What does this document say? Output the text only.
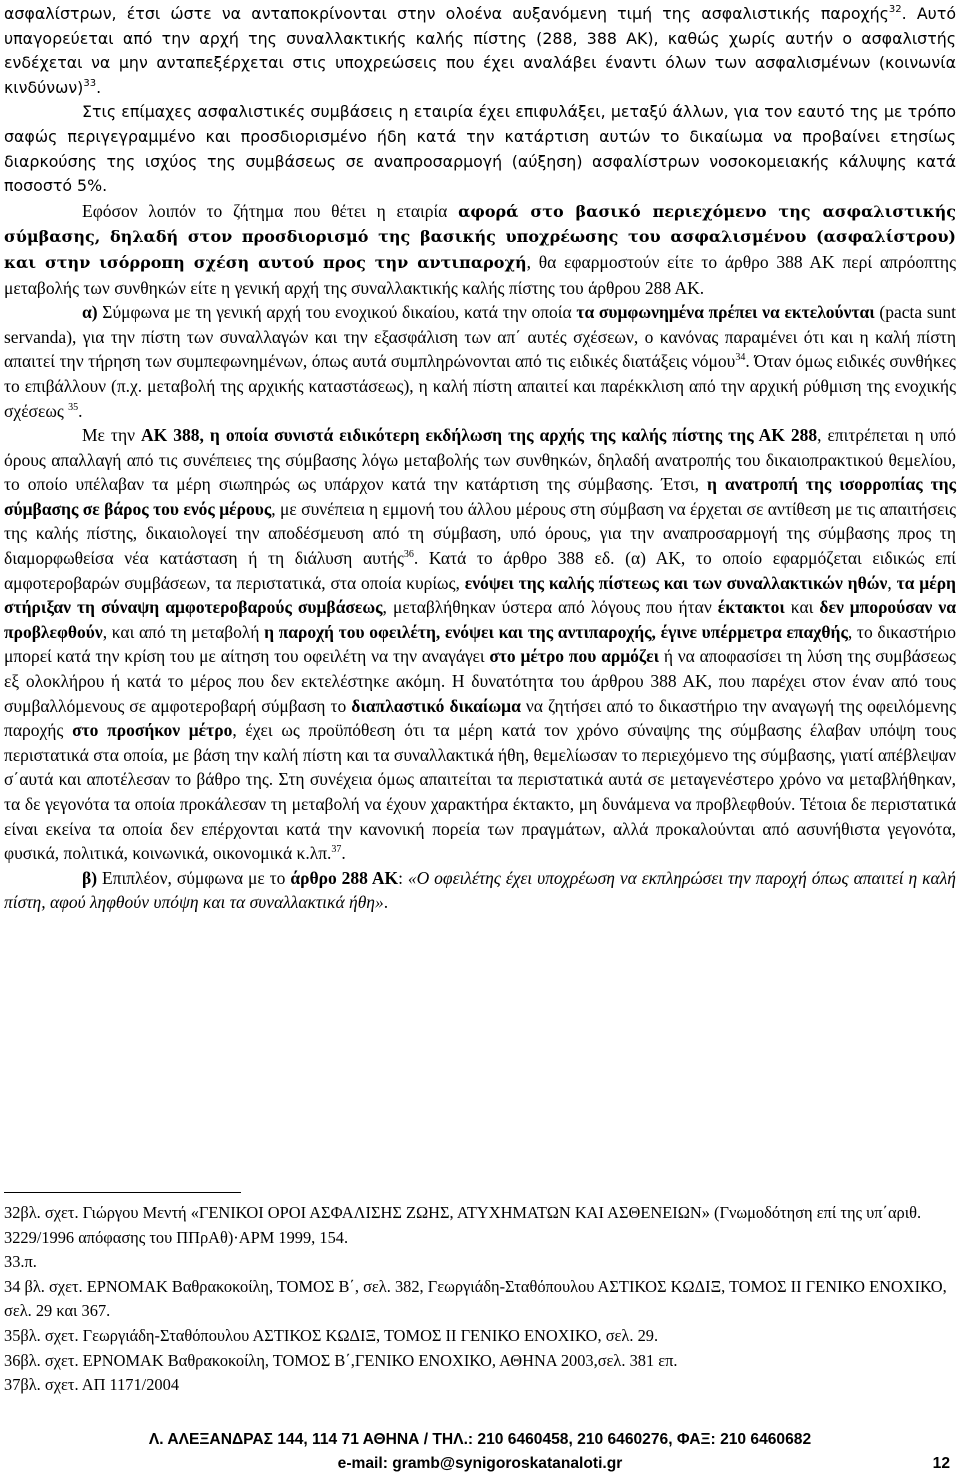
ασφαλίστρων, έτσι ώστε να ανταποκρίνονται στην ολοένα αυξανόμενη τιμή της ασφαλιστικής παροχής$^{32}$. Αυτό υπαγορεύεται από την αρχή της συναλλακτικής καλής πίστης (288, 388 ΑΚ), καθώς χωρίς αυτήν ο ασφαλιστής ενδέχεται να μην ανταπεξέρχεται στις υποχρεώσεις που έχει αναλάβει έναντι όλων των ασφαλισμένων (κοινωνία κινδύνων)$^{33}$.

Στις επίμαχες ασφαλιστικές συμβάσεις η εταιρία έχει επιφυλάξει, μεταξύ άλλων, για τον εαυτό της με τρόπο σαφώς περιγεγραμμένο και προσδιορισμένο ήδη κατά την κατάρτιση αυτών το δικαίωμα να προβαίνει ετησίως διαρκούσης της ισχύος της συμβάσεως σε αναπροσαρμογή (αύξηση) ασφαλίστρων νοσοκομειακής κάλυψης κατά ποσοστό 5%.

Εφόσον λοιπόν το ζήτημα που θέτει η εταιρία αφορά στο βασικό περιεχόμενο της ασφαλιστικής σύμβασης, δηλαδή στον προσδιορισμό της βασικής υποχρέωσης του ασφαλισμένου (ασφαλίστρου) και στην ισόρροπη σχέση αυτού προς την αντιπαροχή, θα εφαρμοστούν είτε το άρθρο 388 ΑΚ περί απρόοπτης μεταβολής των συνθηκών είτε η γενική αρχή της συναλλακτικής καλής πίστης του άρθρου 288 ΑΚ.

α) Σύμφωνα με τη γενική αρχή του ενοχικού δικαίου, κατά την οποία τα συμφωνημένα πρέπει να εκτελούνται (pacta sunt servanda), για την πίστη των συναλλαγών και την εξασφάλιση των απ΄ αυτές σχέσεων, ο κανόνας παραμένει ότι και η καλή πίστη απαιτεί την τήρηση των συμπεφωνημένων, όπως αυτά συμπληρώνονται από τις ειδικές διατάξεις νόμου$^{34}$. Όταν όμως ειδικές συνθήκες το επιβάλλουν (π.χ. μεταβολή της αρχικής καταστάσεως), η καλή πίστη απαιτεί και παρέκκλιση από την αρχική ρύθμιση της ενοχικής σχέσεως $^{35}$.

Με την ΑΚ 388, η οποία συνιστά ειδικότερη εκδήλωση της αρχής της καλής πίστης της ΑΚ 288, επιτρέπεται η υπό όρους απαλλαγή από τις συνέπειες της σύμβασης λόγω μεταβολής των συνθηκών, δηλαδή ανατροπής του δικαιοπρακτικού θεμελίου, το οποίο υπέλαβαν τα μέρη σιωπηρώς ως υπάρχον κατά την κατάρτιση της σύμβασης. Έτσι, η ανατροπή της ισορροπίας της σύμβασης σε βάρος του ενός μέρους, με συνέπεια η εμμονή του άλλου μέρους στη σύμβαση να έρχεται σε αντίθεση με τις απαιτήσεις της καλής πίστης, δικαιολογεί την αποδέσμευση από τη σύμβαση, υπό όρους, για την αναπροσαρμογή της σύμβασης προς τη διαμορφωθείσα νέα κατάσταση ή τη διάλυση αυτής$^{36}$. Κατά το άρθρο 388 εδ. (α) ΑΚ, το οποίο εφαρμόζεται ειδικώς επί αμφοτεροβαρών συμβάσεων, τα περιστατικά, στα οποία κυρίως, ενόψει της καλής πίστεως και των συναλλακτικών ηθών, τα μέρη στήριξαν τη σύναψη αμφοτεροβαρούς συμβάσεως, μεταβλήθηκαν ύστερα από λόγους που ήταν έκτακτοι και δεν μπορούσαν να προβλεφθούν, και από τη μεταβολή η παροχή του οφειλέτη, ενόψει και της αντιπαροχής, έγινε υπέρμετρα επαχθής, το δικαστήριο μπορεί κατά την κρίση του με αίτηση του οφειλέτη να την αναγάγει στο μέτρο που αρμόζει ή να αποφασίσει τη λύση της συμβάσεως εξ ολοκλήρου ή κατά το μέρος που δεν εκτελέστηκε ακόμη. Η δυνατότητα του άρθρου 388 ΑΚ, που παρέχει στον έναν από τους συμβαλλόμενους σε αμφοτεροβαρή σύμβαση το διαπλαστικό δικαίωμα να ζητήσει από το δικαστήριο την αναγωγή της οφειλόμενης παροχής στο προσήκον μέτρο, έχει ως προϋπόθεση ότι τα μέρη κατά τον χρόνο σύναψης της σύμβασης έλαβαν υπόψη τους περιστατικά στα οποία, με βάση την καλή πίστη και τα συναλλακτικά ήθη, θεμελίωσαν το περιεχόμενο της σύμβασης, γιατί απέβλεψαν σ΄αυτά και αποτέλεσαν το βάθρο της. Στη συνέχεια όμως απαιτείται τα περιστατικά αυτά σε μεταγενέστερο χρόνο να μεταβλήθηκαν, τα δε γεγονότα τα οποία προκάλεσαν τη μεταβολή να έχουν χαρακτήρα έκτακτο, μη δυνάμενα να προβλεφθούν. Τέτοια δε περιστατικά είναι εκείνα τα οποία δεν επέρχονται κατά την κανονική πορεία των πραγμάτων, αλλά προκαλούνται από ασυνήθιστα γεγονότα, φυσικά, πολιτικά, κοινωνικά, οικονομικά κ.λπ.$^{37}$.

β) Επιπλέον, σύμφωνα με το άρθρο 288 ΑΚ: «Ο οφειλέτης έχει υποχρέωση να εκπληρώσει την παροχή όπως απαιτεί η καλή πίστη, αφού ληφθούν υπόψη και τα συναλλακτικά ήθη».

32βλ. σχετ. Γιώργου Μεντή «ΓΕΝΙΚΟΙ ΟΡΟΙ ΑΣΦΑΛΙΣΗΣ ΖΩΗΣ, ΑΤΥΧΗΜΑΤΩΝ ΚΑΙ ΑΣΘΕΝΕΙΩΝ» (Γνωμοδότηση επί της υπ΄αριθ. 3229/1996 απόφασης του ΠΠρΑθ)·ΑΡΜ 1999, 154.

33.π.

34 βλ. σχετ. ΕΡΝΟΜΑΚ Βαθρακοκοίλη, ΤΟΜΟΣ Β΄, σελ. 382, Γεωργιάδη-Σταθόπουλου ΑΣΤΙΚΟΣ ΚΩΔΙΞ, ΤΟΜΟΣ ΙΙ ΓΕΝΙΚΟ ΕΝΟΧΙΚΟ, σελ. 29 και 367.

35βλ. σχετ. Γεωργιάδη-Σταθόπουλου ΑΣΤΙΚΟΣ ΚΩΔΙΞ, ΤΟΜΟΣ ΙΙ ΓΕΝΙΚΟ ΕΝΟΧΙΚΟ, σελ. 29.

36βλ. σχετ. ΕΡΝΟΜΑΚ Βαθρακοκοίλη, ΤΟΜΟΣ Β΄,ΓΕΝΙΚΟ ΕΝΟΧΙΚΟ, ΑΘΗΝΑ 2003,σελ. 381 επ.

37βλ. σχετ. ΑΠ 1171/2004

Λ. ΑΛΕΞΑΝΔΡΑΣ 144, 114 71 ΑΘΗΝΑ / ΤΗΛ.: 210 6460458, 210 6460276, ΦΑΞ: 210 6460682
e-mail: gramb@synigoroskatanaloti.gr	12
